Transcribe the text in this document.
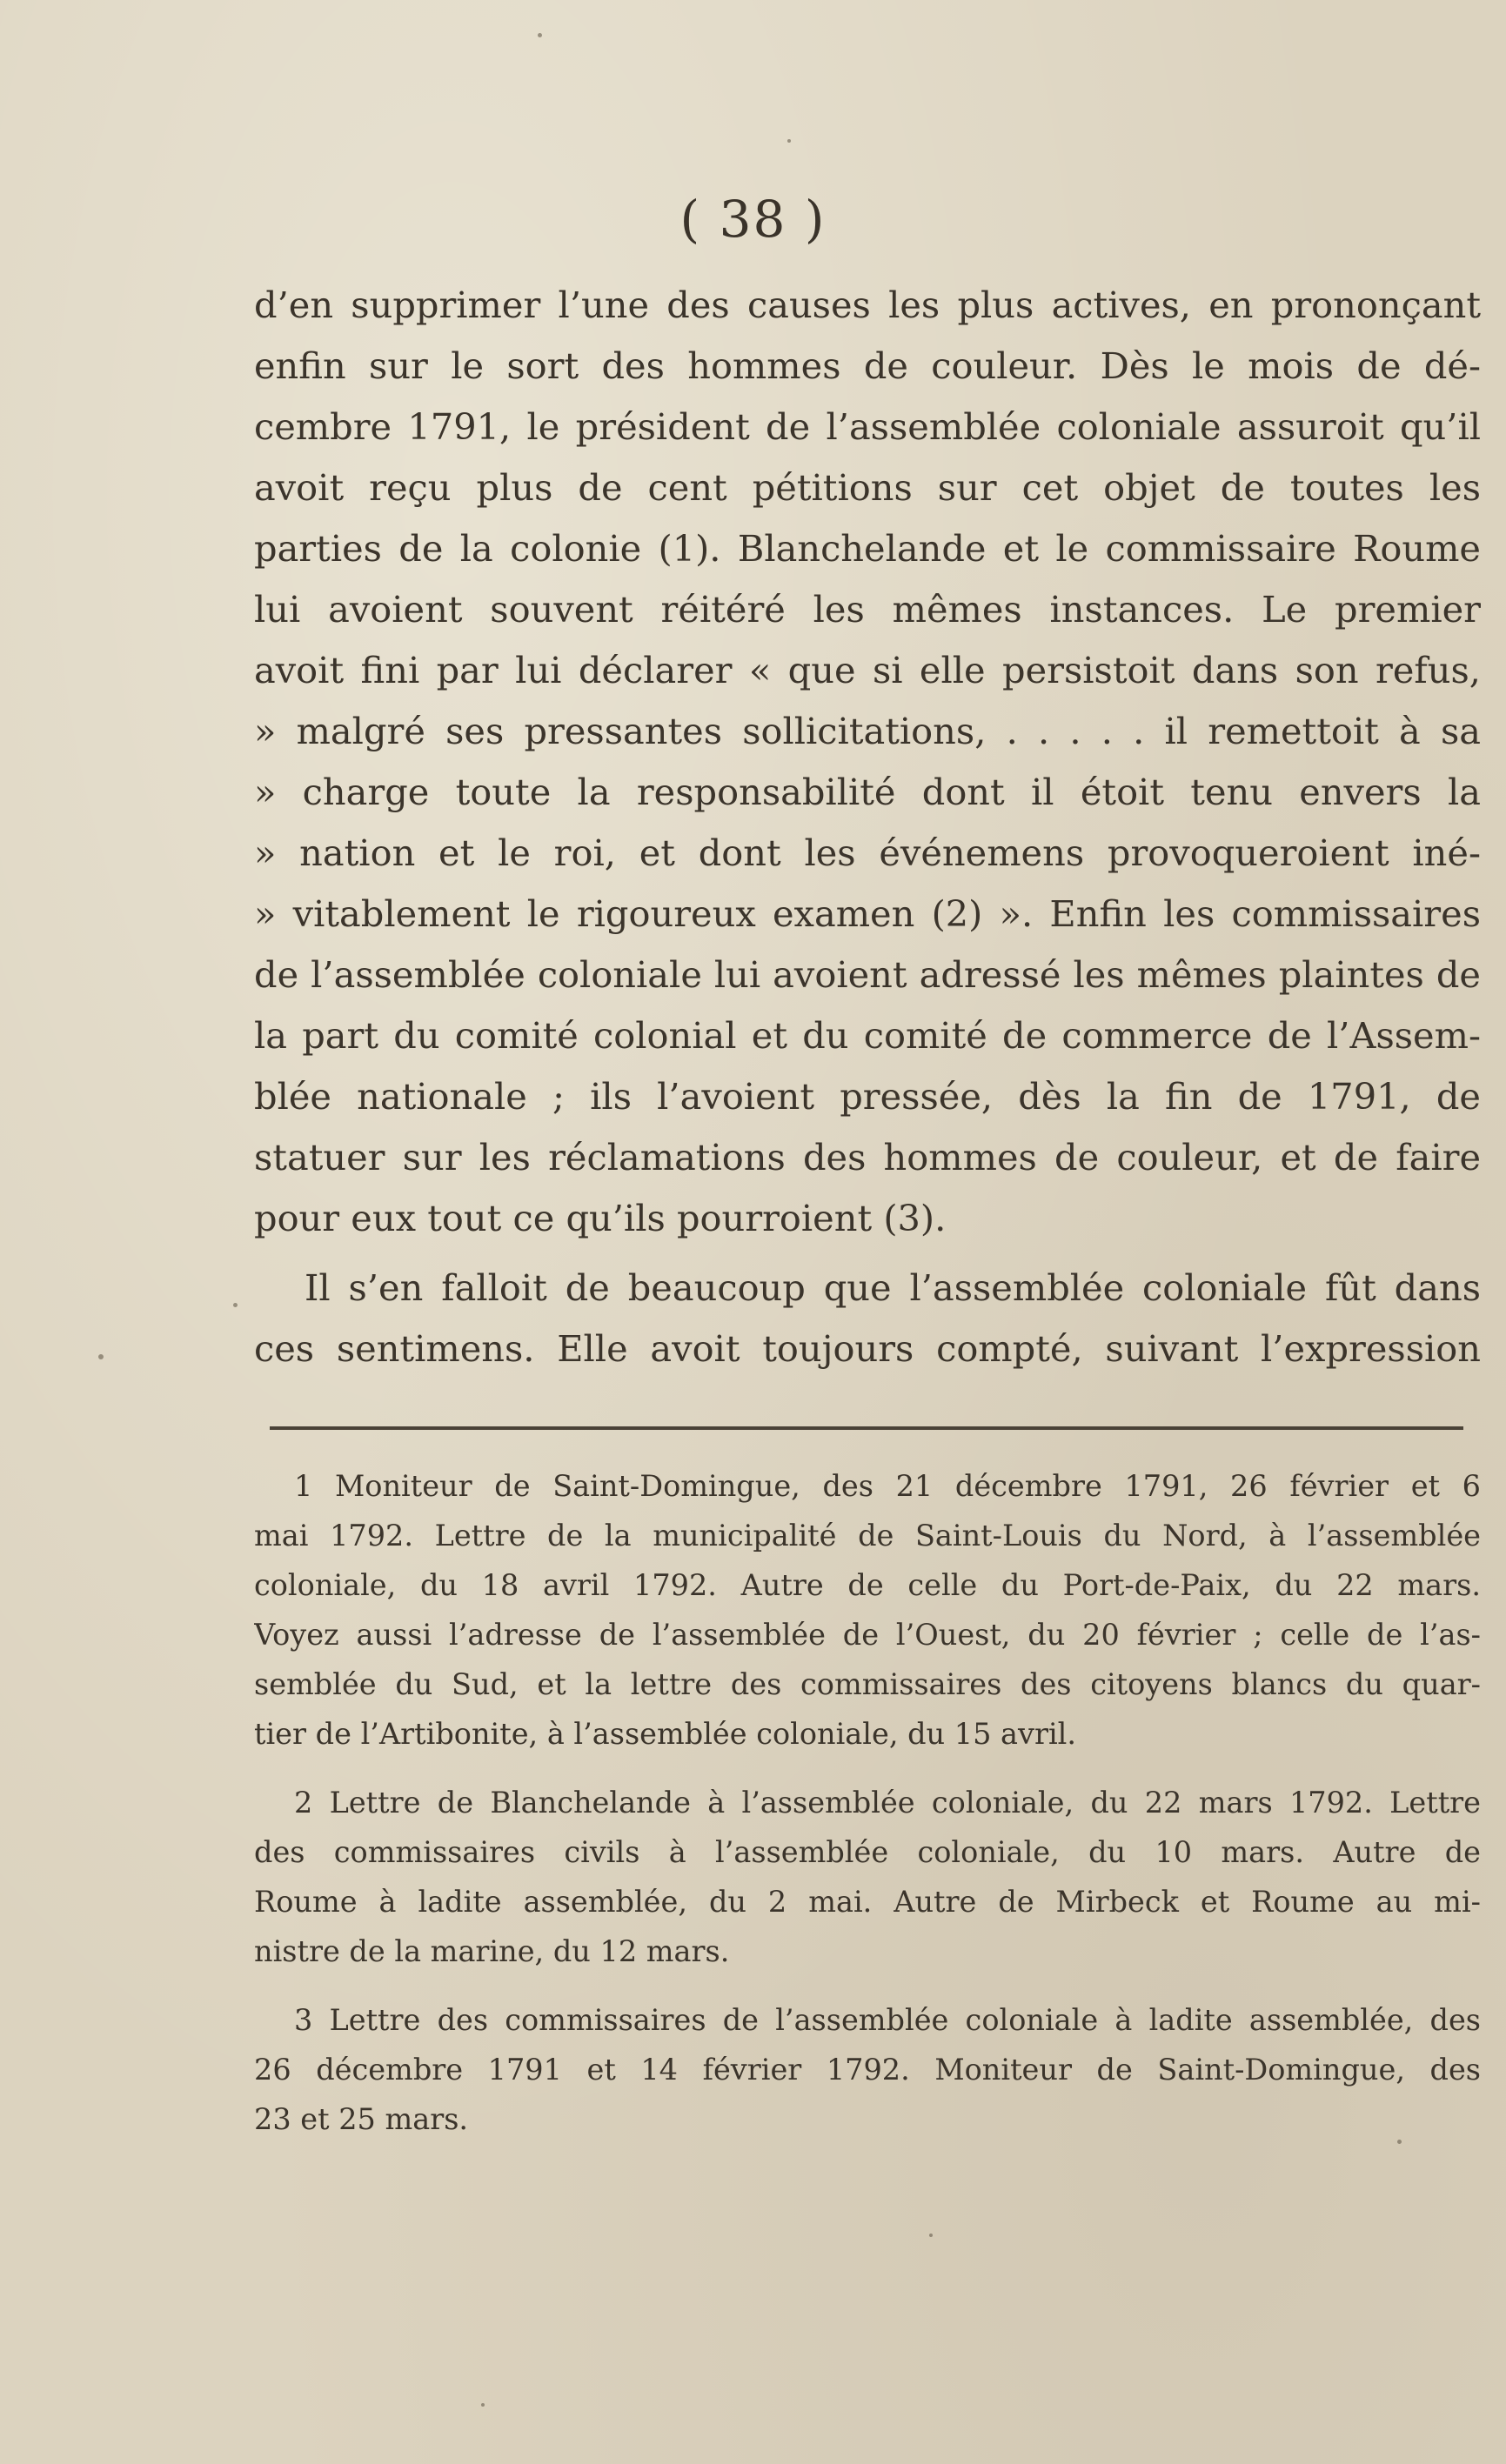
( 38 )
d’en supprimer l’une des causes les plus actives, en prononçant
enfin sur le sort des hommes de couleur. Dès le mois de dé-
cembre 1791, le président de l’assemblée coloniale assuroit qu’il
avoit reçu plus de cent pétitions sur cet objet de toutes les
parties de la colonie (1). Blanchelande et le commissaire Roume
lui avoient souvent réitéré les mêmes instances. Le premier
avoit fini par lui déclarer « que si elle persistoit dans son refus,
» malgré ses pressantes sollicitations, . . . . . il remettoit à sa
» charge toute la responsabilité dont il étoit tenu envers la
» nation et le roi, et dont les événemens provoqueroient iné-
» vitablement le rigoureux examen (2) ». Enfin les commissaires
de l’assemblée coloniale lui avoient adressé les mêmes plaintes de
la part du comité colonial et du comité de commerce de l’Assem-
blée nationale ; ils l’avoient pressée, dès la fin de 1791, de
statuer sur les réclamations des hommes de couleur, et de faire
pour eux tout ce qu’ils pourroient (3).
Il s’en falloit de beaucoup que l’assemblée coloniale fût dans
ces sentimens. Elle avoit toujours compté, suivant l’expression
1 Moniteur de Saint-Domingue, des 21 décembre 1791, 26 février et 6
mai 1792. Lettre de la municipalité de Saint-Louis du Nord, à l’assemblée
coloniale, du 18 avril 1792. Autre de celle du Port-de-Paix, du 22 mars.
Voyez aussi l’adresse de l’assemblée de l’Ouest, du 20 février ; celle de l’as-
semblée du Sud, et la lettre des commissaires des citoyens blancs du quar-
tier de l’Artibonite, à l’assemblée coloniale, du 15 avril.
2 Lettre de Blanchelande à l’assemblée coloniale, du 22 mars 1792. Lettre
des commissaires civils à l’assemblée coloniale, du 10 mars. Autre de
Roume à ladite assemblée, du 2 mai. Autre de Mirbeck et Roume au mi-
nistre de la marine, du 12 mars.
3 Lettre des commissaires de l’assemblée coloniale à ladite assemblée, des
26 décembre 1791 et 14 février 1792. Moniteur de Saint-Domingue, des
23 et 25 mars.
